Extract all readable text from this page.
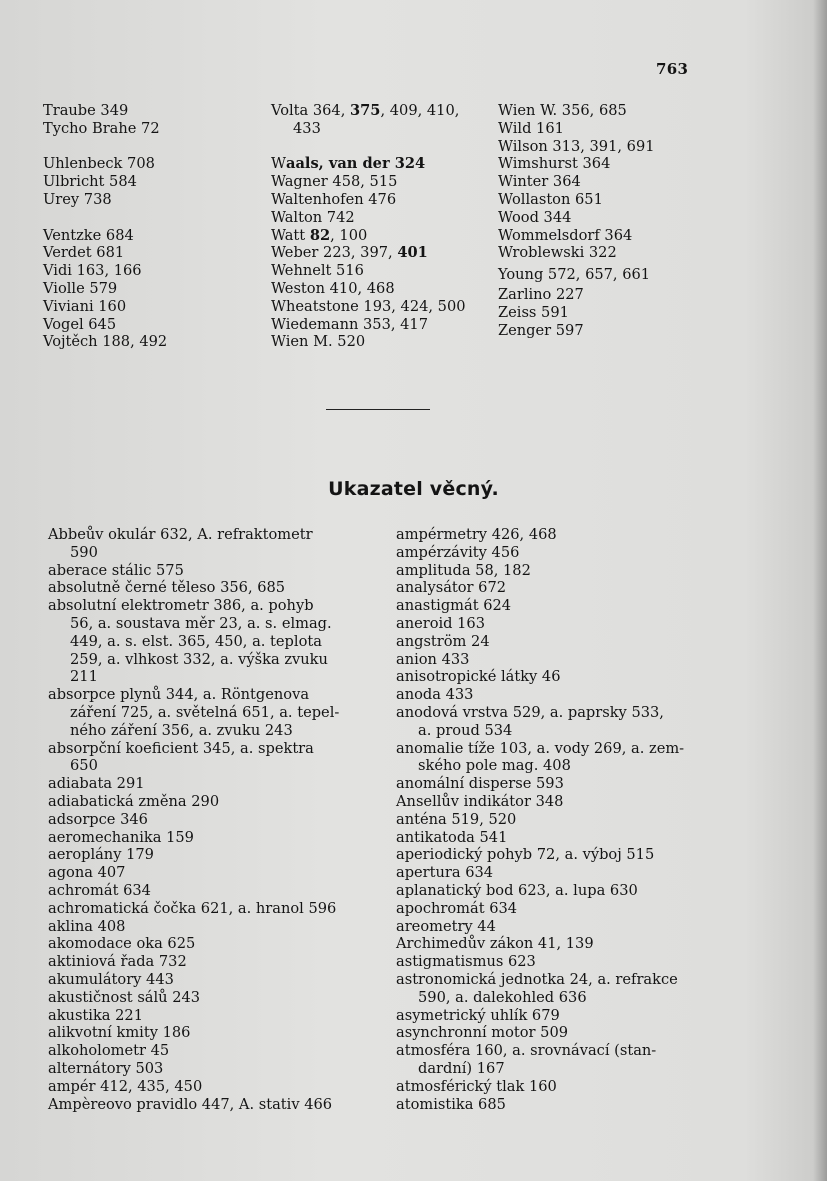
763
Traube 349
Tycho Brahe 72
Uhlenbeck 708
Ulbricht 584
Urey 738
Ventzke 684
Verdet 681
Vidi 163, 166
Violle 579
Viviani 160
Vogel 645
Vojtěch 188, 492
Volta 364, 375, 409, 410,
433
Waals, van der 324
Wagner 458, 515
Waltenhofen 476
Walton 742
Watt 82, 100
Weber 223, 397, 401
Wehnelt 516
Weston 410, 468
Wheatstone 193, 424, 500
Wiedemann 353, 417
Wien M. 520
Wien W. 356, 685
Wild 161
Wilson 313, 391, 691
Wimshurst 364
Winter 364
Wollaston 651
Wood 344
Wommelsdorf 364
Wroblewski 322
Young 572, 657, 661
Zarlino 227
Zeiss 591
Zenger 597
Ukazatel věcný.
Abbeův okulár 632, A. refraktometr
590
aberace stálic 575
absolutně černé těleso 356, 685
absolutní elektrometr 386, a. pohyb
56, a. soustava měr 23, a. s. elmag.
449, a. s. elst. 365, 450, a. teplota
259, a. vlhkost 332, a. výška zvuku
211
absorpce plynů 344, a. Röntgenova
záření 725, a. světelná 651, a. tepel-
ného záření 356, a. zvuku 243
absorpční koeficient 345, a. spektra
650
adiabata 291
adiabatická změna 290
adsorpce 346
aeromechanika 159
aeroplány 179
agona 407
achromát 634
achromatická čočka 621, a. hranol 596
aklina 408
akomodace oka 625
aktiniová řada 732
akumulátory 443
akustičnost sálů 243
akustika 221
alikvotní kmity 186
alkoholometr 45
alternátory 503
ampér 412, 435, 450
Ampèreovo pravidlo 447, A. stativ 466
ampérmetry 426, 468
ampérzávity 456
amplituda 58, 182
analysátor 672
anastigmát 624
aneroid 163
angström 24
anion 433
anisotropické látky 46
anoda 433
anodová vrstva 529, a. paprsky 533,
a. proud 534
anomalie tíže 103, a. vody 269, a. zem-
ského pole mag. 408
anomální disperse 593
Ansellův indikátor 348
anténa 519, 520
antikatoda 541
aperiodický pohyb 72, a. výboj 515
apertura 634
aplanatický bod 623, a. lupa 630
apochromát 634
areometry 44
Archimedův zákon 41, 139
astigmatismus 623
astronomická jednotka 24, a. refrakce
590, a. dalekohled 636
asymetrický uhlík 679
asynchronní motor 509
atmosféra 160, a. srovnávací (stan-
dardní) 167
atmosférický tlak 160
atomistika 685
